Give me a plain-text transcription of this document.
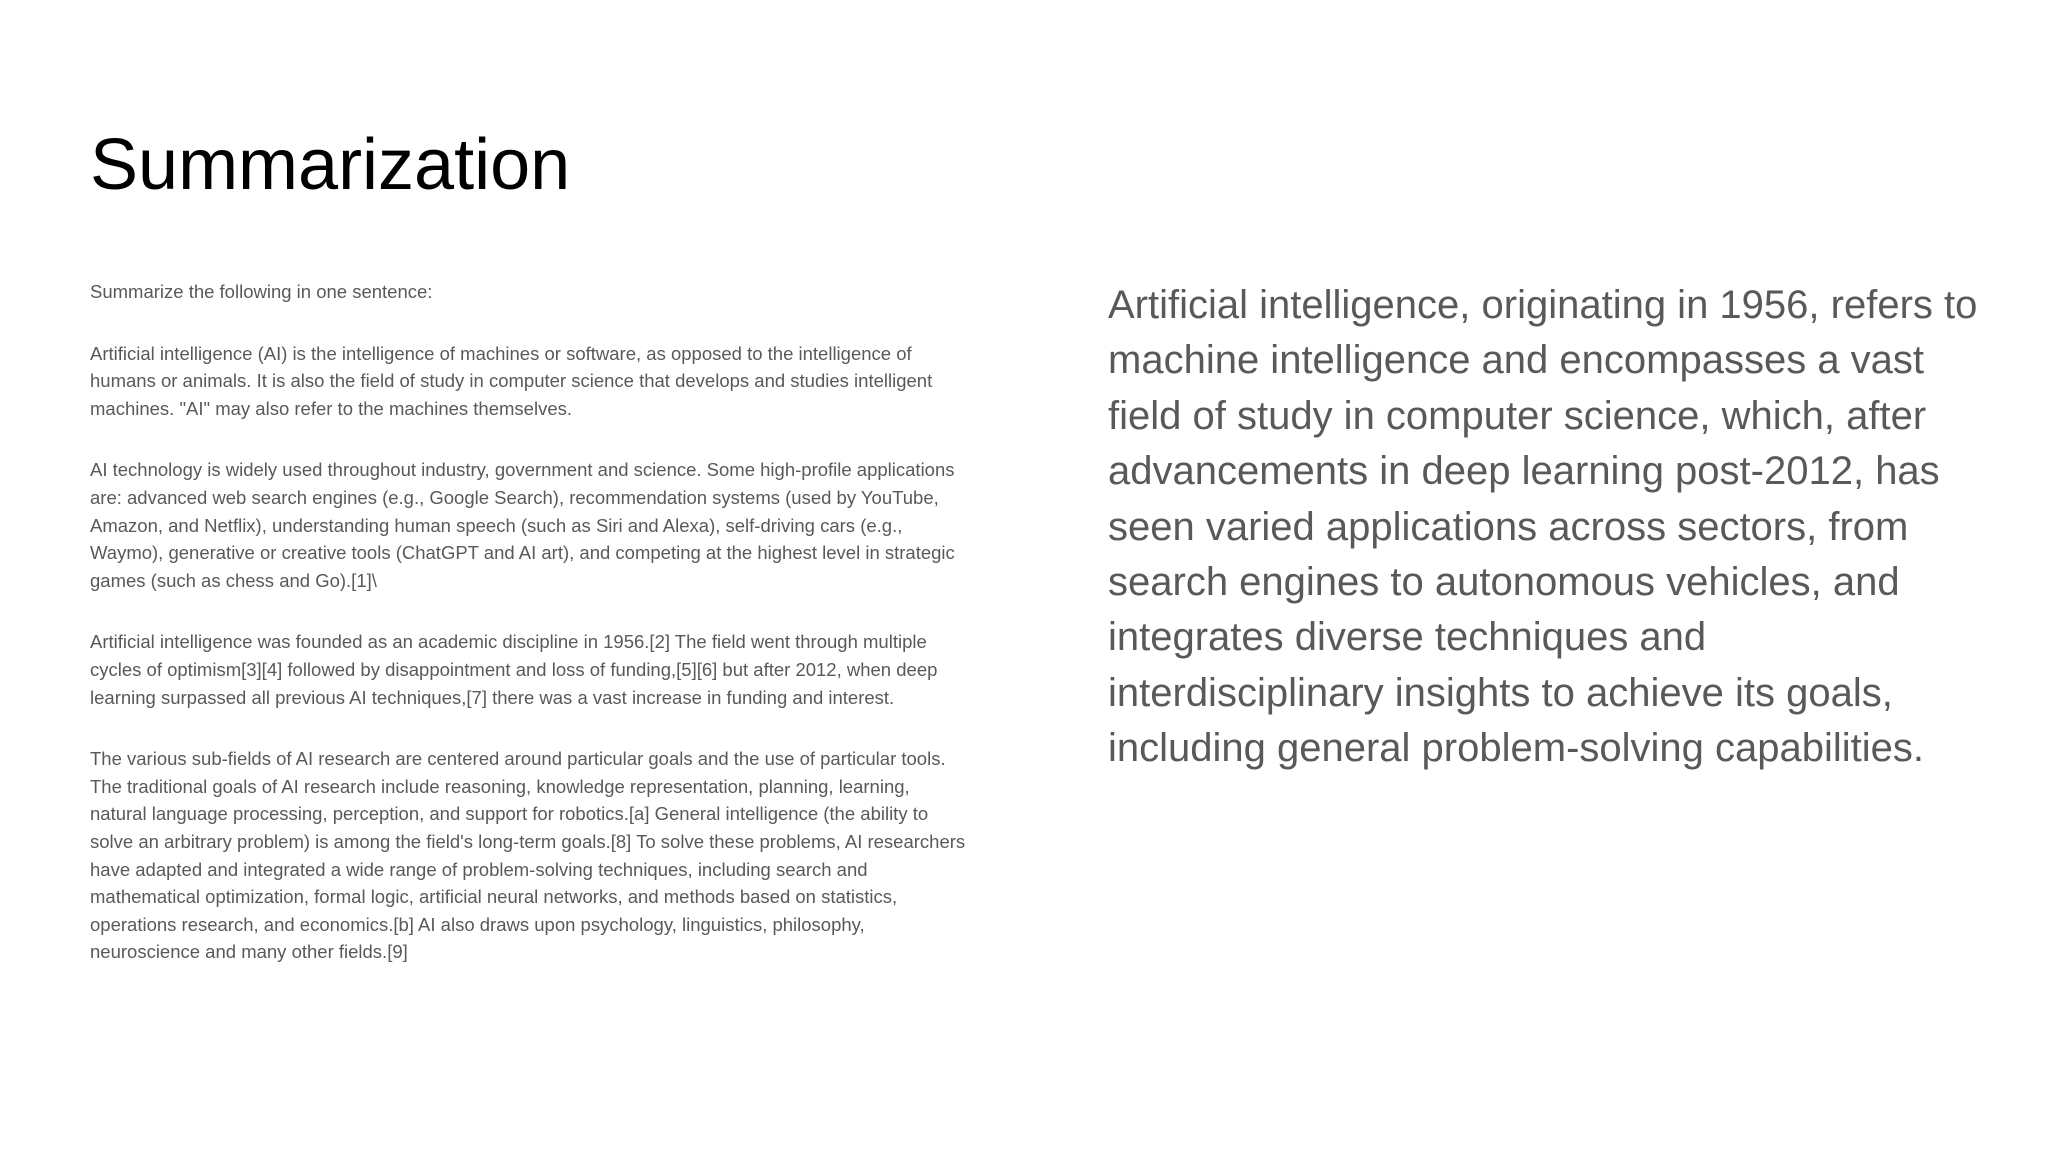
Summarization

Summarize the following in one sentence:

Artificial intelligence (AI) is the intelligence of machines or software, as opposed to the intelligence of humans or animals. It is also the field of study in computer science that develops and studies intelligent machines. "AI" may also refer to the machines themselves.

AI technology is widely used throughout industry, government and science. Some high-profile applications are: advanced web search engines (e.g., Google Search), recommendation systems (used by YouTube, Amazon, and Netflix), understanding human speech (such as Siri and Alexa), self-driving cars (e.g., Waymo), generative or creative tools (ChatGPT and AI art), and competing at the highest level in strategic games (such as chess and Go).[1]\

Artificial intelligence was founded as an academic discipline in 1956.[2] The field went through multiple cycles of optimism[3][4] followed by disappointment and loss of funding,[5][6] but after 2012, when deep learning surpassed all previous AI techniques,[7] there was a vast increase in funding and interest.

The various sub-fields of AI research are centered around particular goals and the use of particular tools. The traditional goals of AI research include reasoning, knowledge representation, planning, learning, natural language processing, perception, and support for robotics.[a] General intelligence (the ability to solve an arbitrary problem) is among the field's long-term goals.[8] To solve these problems, AI researchers have adapted and integrated a wide range of problem-solving techniques, including search and mathematical optimization, formal logic, artificial neural networks, and methods based on statistics, operations research, and economics.[b] AI also draws upon psychology, linguistics, philosophy, neuroscience and many other fields.[9]

Artificial intelligence, originating in 1956, refers to machine intelligence and encompasses a vast field of study in computer science, which, after advancements in deep learning post-2012, has seen varied applications across sectors, from search engines to autonomous vehicles, and integrates diverse techniques and interdisciplinary insights to achieve its goals, including general problem-solving capabilities.
